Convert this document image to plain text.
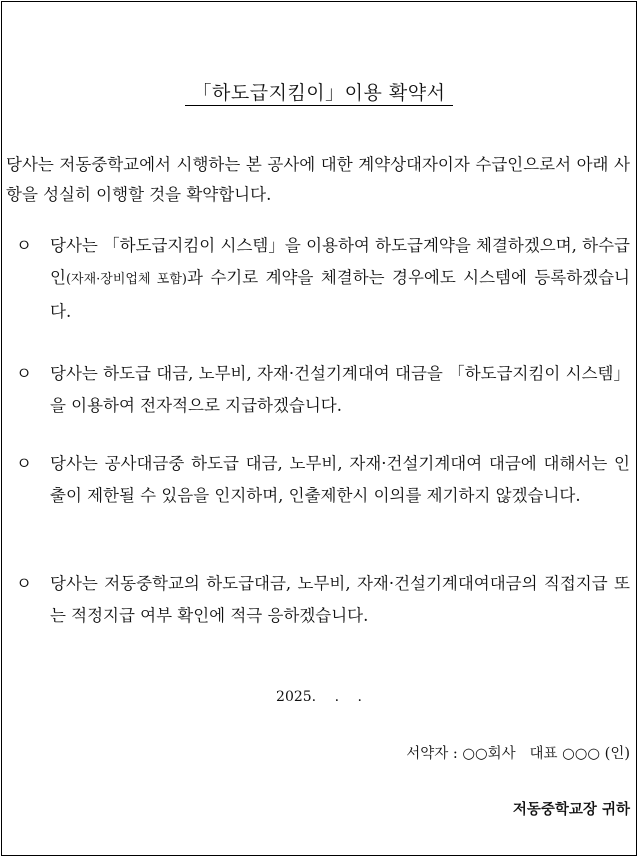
「하도급지킴이」이용 확약서
당사는 저동중학교에서 시행하는 본 공사에 대한 계약상대자이자 수급인으로서 아래 사항을 성실히 이행할 것을 확약합니다.
ㅇ 당사는 「하도급지킴이 시스템」을 이용하여 하도급계약을 체결하겠으며, 하수급인(자재·장비업체 포함)과 수기로 계약을 체결하는 경우에도 시스템에 등록하겠습니다.
ㅇ 당사는 하도급 대금, 노무비, 자재·건설기계대여 대금을 「하도급지킴이 시스템」을 이용하여 전자적으로 지급하겠습니다.
ㅇ 당사는 공사대금중 하도급 대금, 노무비, 자재·건설기계대여 대금에 대해서는 인출이 제한될 수 있음을 인지하며, 인출제한시 이의를 제기하지 않겠습니다.
ㅇ 당사는 저동중학교의 하도급대금, 노무비, 자재·건설기계대여대금의 직접지급 또는 적정지급 여부 확인에 적극 응하겠습니다.
2025. . .
서약자 : ○○회사   대표 ○○○ (인)
저동중학교장 귀하
